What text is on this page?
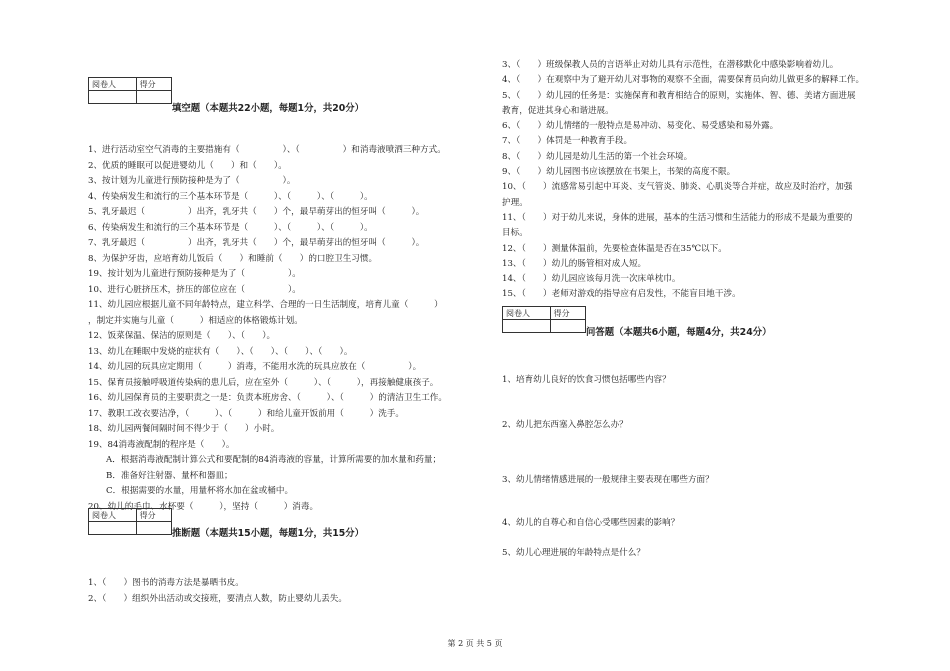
阅卷人	得分

填空题（本题共22小题，每题1分，共20分）
1、进行活动室空气消毒的主要措施有（　　　　　）、（　　　　　）和消毒液喷洒三种方式。
2、优质的睡眠可以促进婴幼儿（　　）和（　　）。
3、按计划为儿童进行预防接种是为了（　　　　　）。
4、传染病发生和流行的三个基本环节是（　　　）、（　　　）、（　　　）。
5、乳牙最迟（　　　　　）出齐，乳牙共（　　）个，最早萌芽出的恒牙叫（　　　）。
6、传染病发生和流行的三个基本环节是（　　　）、（　　　）、（　　　）。
7、乳牙最迟（　　　　　）出齐，乳牙共（　　）个，最早萌芽出的恒牙叫（　　　）。
8、为保护牙齿，应培育幼儿饭后（　　）和睡前（　　）的口腔卫生习惯。
19、按计划为儿童进行预防接种是为了（　　　　　）。
10、进行心脏挤压术，挤压的部位应在（　　　　　）。
11、幼儿园应根据儿童不同年龄特点，建立科学、合理的一日生活制度，培育儿童（　　　）
，制定并实施与儿童（　　　）相适应的体格锻炼计划。
12、饭菜保温、保洁的原则是（　　）、（　　）。
13、幼儿在睡眠中发烧的症状有（　　）、（　　）、（　　）、（　　）。
14、幼儿园的玩具应定期用（　　　）消毒，不能用水洗的玩具应放在（　　　　　）。
15、保育员接触呼吸道传染病的患儿后，应在室外（　　　）、（　　　），再接触健康孩子。
16、幼儿园保育员的主要职责之一是：负责本班房舍、（　　　）、（　　　）的清洁卫生工作。
17、教职工改衣要洁净，（　　　）、（　　　）和给儿童开饭前用（　　　）洗手。
18、幼儿园两餐间隔时间不得少于（　　）小时。
19、84消毒液配制的程序是（　　）。
A．根据消毒液配制计算公式和要配制的84消毒液的容量，计算所需要的加水量和药量；
B．准备好注射器、量杯和器皿；
C．根据需要的水量，用量杯将水加在盆或桶中。
20、幼儿的毛巾、水杯要（　　　），坚持（　　　）消毒。
阅卷人	得分

推断题（本题共15小题，每题1分，共15分）
1、（　　）图书的消毒方法是暴晒书皮。
2、（　　）组织外出活动或交接班，要清点人数，防止婴幼儿丢失。
3、（　　）班级保教人员的言语举止对幼儿具有示范性，在潜移默化中感染影响着幼儿。
4、（　　）在观察中为了避开幼儿对事物的观察不全面，需要保育员向幼儿做更多的解释工作。
5、（　　）幼儿园的任务是：实施保育和教育相结合的原则，实施体、智、德、美诸方面进展
教育，促进其身心和谐进展。
6、（　　）幼儿情绪的一般特点是易冲动、易变化、易受感染和易外露。
7、（　　）体罚是一种教育手段。
8、（　　）幼儿园是幼儿生活的第一个社会环境。
9、（　　）幼儿园图书应该摆放在书架上，书架的高度不限。
10、（　　）流感常易引起中耳炎、支气管炎、肺炎、心肌炎等合并症，故应及时治疗，加强
护理。
11、（　　）对于幼儿来说，身体的进展，基本的生活习惯和生活能力的形成不是最为重要的
目标。
12、（　　）测量体温前，先要检查体温是否在35℃以下。
13、（　　）幼儿的肠管相对成人短。
14、（　　）幼儿园应该每月洗一次床单枕巾。
15、（　　）老师对游戏的指导应有启发性，不能盲目地干涉。
阅卷人	得分

问答题（本题共6小题，每题4分，共24分）
1、培育幼儿良好的饮食习惯包括哪些内容？
2、幼儿把东西塞入鼻腔怎么办？
3、幼儿情绪情感进展的一般规律主要表现在哪些方面？
4、幼儿的自尊心和自信心受哪些因素的影响？
5、幼儿心理进展的年龄特点是什么？
第 2 页 共 5 页
